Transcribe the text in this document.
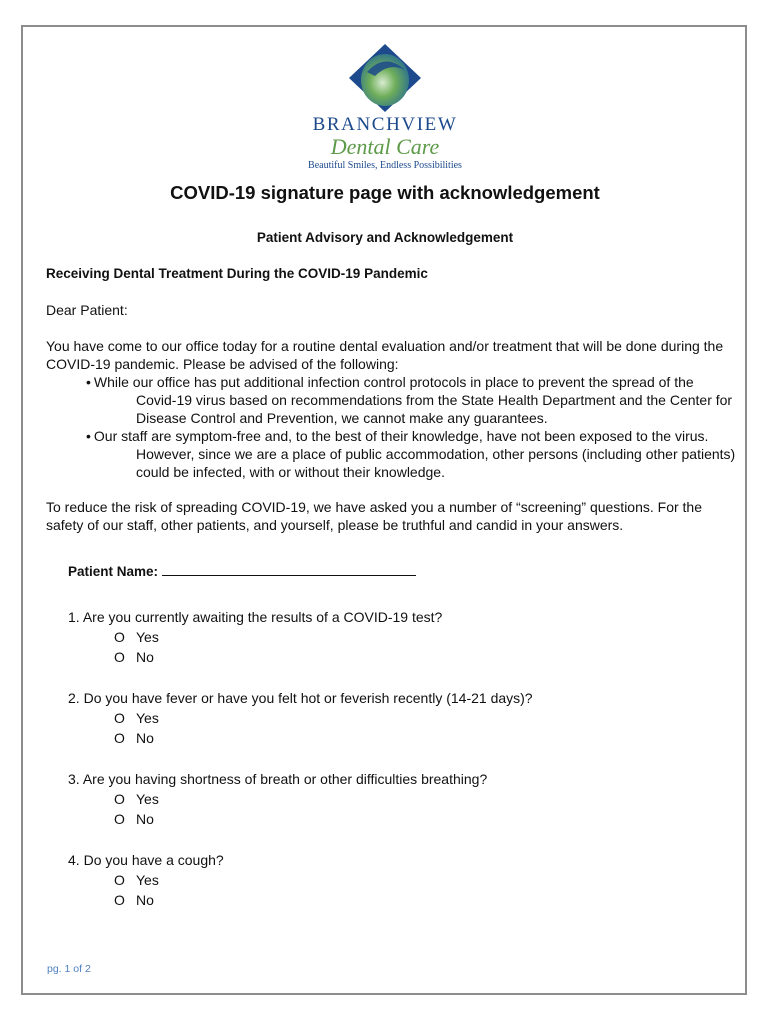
BRANCHVIEW
Dental Care
Beautiful Smiles, Endless Possibilities
COVID-19 signature page with acknowledgement
Patient Advisory and Acknowledgement
Receiving Dental Treatment During the COVID-19 Pandemic
Dear Patient:

You have come to our office today for a routine dental evaluation and/or treatment that will be done during the COVID-19 pandemic. Please be advised of the following:

• While our office has put additional infection control protocols in place to prevent the spread of the Covid-19 virus based on recommendations from the State Health Department and the Center for Disease Control and Prevention, we cannot make any guarantees.
• Our staff are symptom-free and, to the best of their knowledge, have not been exposed to the virus. However, since we are a place of public accommodation, other persons (including other patients) could be infected, with or without their knowledge.

To reduce the risk of spreading COVID-19, we have asked you a number of “screening” questions. For the safety of our staff, other patients, and yourself, please be truthful and candid in your answers.

Patient Name:
1. Are you currently awaiting the results of a COVID-19 test?
O Yes
O No
2. Do you have fever or have you felt hot or feverish recently (14-21 days)?
O Yes
O No
3. Are you having shortness of breath or other difficulties breathing?
O Yes
O No
4. Do you have a cough?
O Yes
O No
pg. 1 of 2
